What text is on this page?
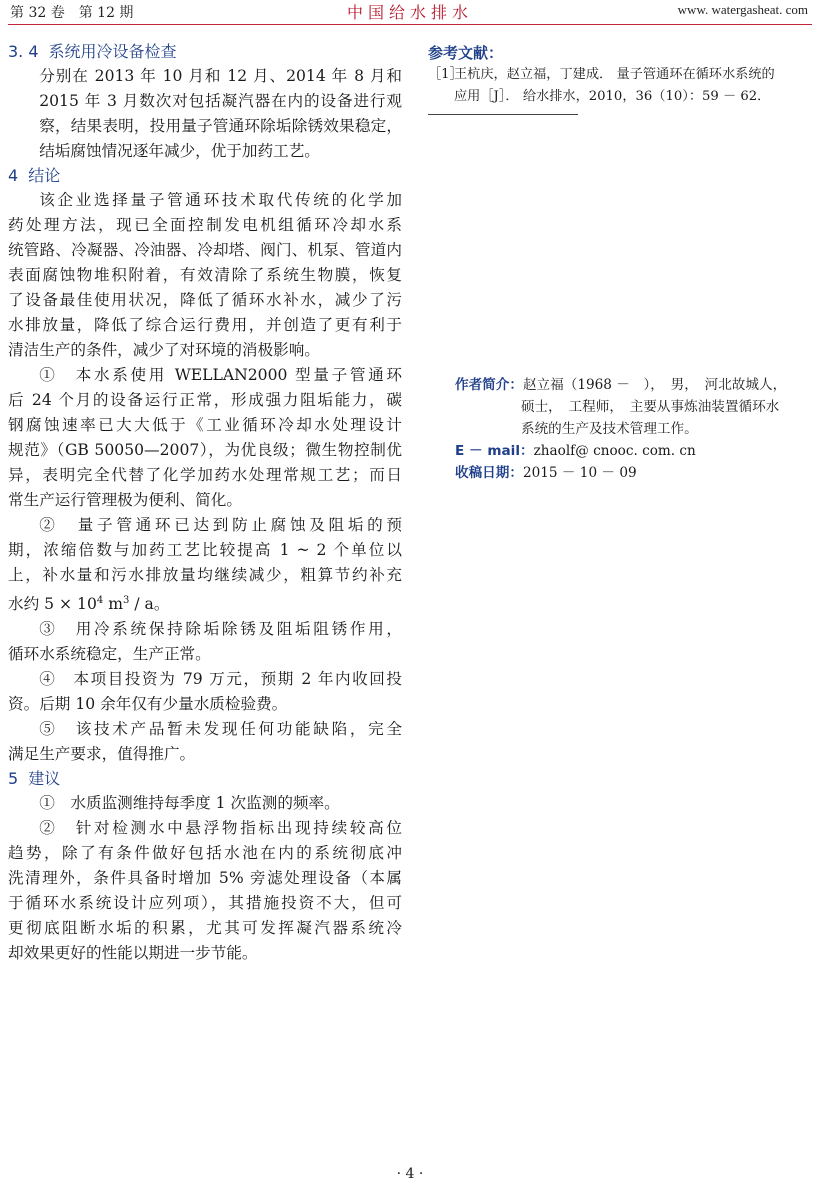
第 32 卷　第 12 期	中国给水排水	www. watergasheat. com
3. 4 系统用冷设备检查
分别在 2013 年 10 月和 12 月、2014 年 8 月和
2015 年 3 月数次对包括凝汽器在内的设备进行观
察，结果表明，投用量子管通环除垢除锈效果稳定，
结垢腐蚀情况逐年减少，优于加药工艺。
4 结论
该企业选择量子管通环技术取代传统的化学加
药处理方法，现已全面控制发电机组循环冷却水系
统管路、冷凝器、冷油器、冷却塔、阀门、机泵、管道内
表面腐蚀物堆积附着，有效清除了系统生物膜，恢复
了设备最佳使用状况，降低了循环水补水，减少了污
水排放量，降低了综合运行费用，并创造了更有利于
清洁生产的条件，减少了对环境的消极影响。
①　本水系使用 WELLAN2000 型量子管通环
后 24 个月的设备运行正常，形成强力阻垢能力，碳
钢腐蚀速率已大大低于《工业循环冷却水处理设计
规范》（GB 50050—2007），为优良级；微生物控制优
异，表明完全代替了化学加药水处理常规工艺；而日
常生产运行管理极为便利、简化。
②　量子管通环已达到防止腐蚀及阻垢的预
期，浓缩倍数与加药工艺比较提高 1 ~ 2 个单位以
上，补水量和污水排放量均继续减少，粗算节约补充
水约 $5 \times 10^4$ $m^3$ / a。
③　用冷系统保持除垢除锈及阻垢阻锈作用，
循环水系统稳定，生产正常。
④　本项目投资为 79 万元，预期 2 年内收回投
资。后期 10 余年仅有少量水质检验费。
⑤　该技术产品暂未发现任何功能缺陷，完全
满足生产要求，值得推广。
5 建议
①　水质监测维持每季度 1 次监测的频率。
②　针对检测水中悬浮物指标出现持续较高位
趋势，除了有条件做好包括水池在内的系统彻底冲
洗清理外，条件具备时增加 5% 旁滤处理设备（本属
于循环水系统设计应列项），其措施投资不大，但可
更彻底阻断水垢的积累，尤其可发挥凝汽器系统冷
却效果更好的性能以期进一步节能。
参考文献：
［1］
王杭庆，赵立福，丁建成． 量子管通环在循环水系统的
应用［J］． 给水排水，2010，36（10）：59 － 62．
作者简介：赵立福（1968 －　），　男，　河北故城人，
硕士，　工程师，　主要从事炼油装置循环水
系统的生产及技术管理工作。
E － mail：zhaolf@ cnooc. com. cn
收稿日期：2015 － 10 － 09
· 4 ·
